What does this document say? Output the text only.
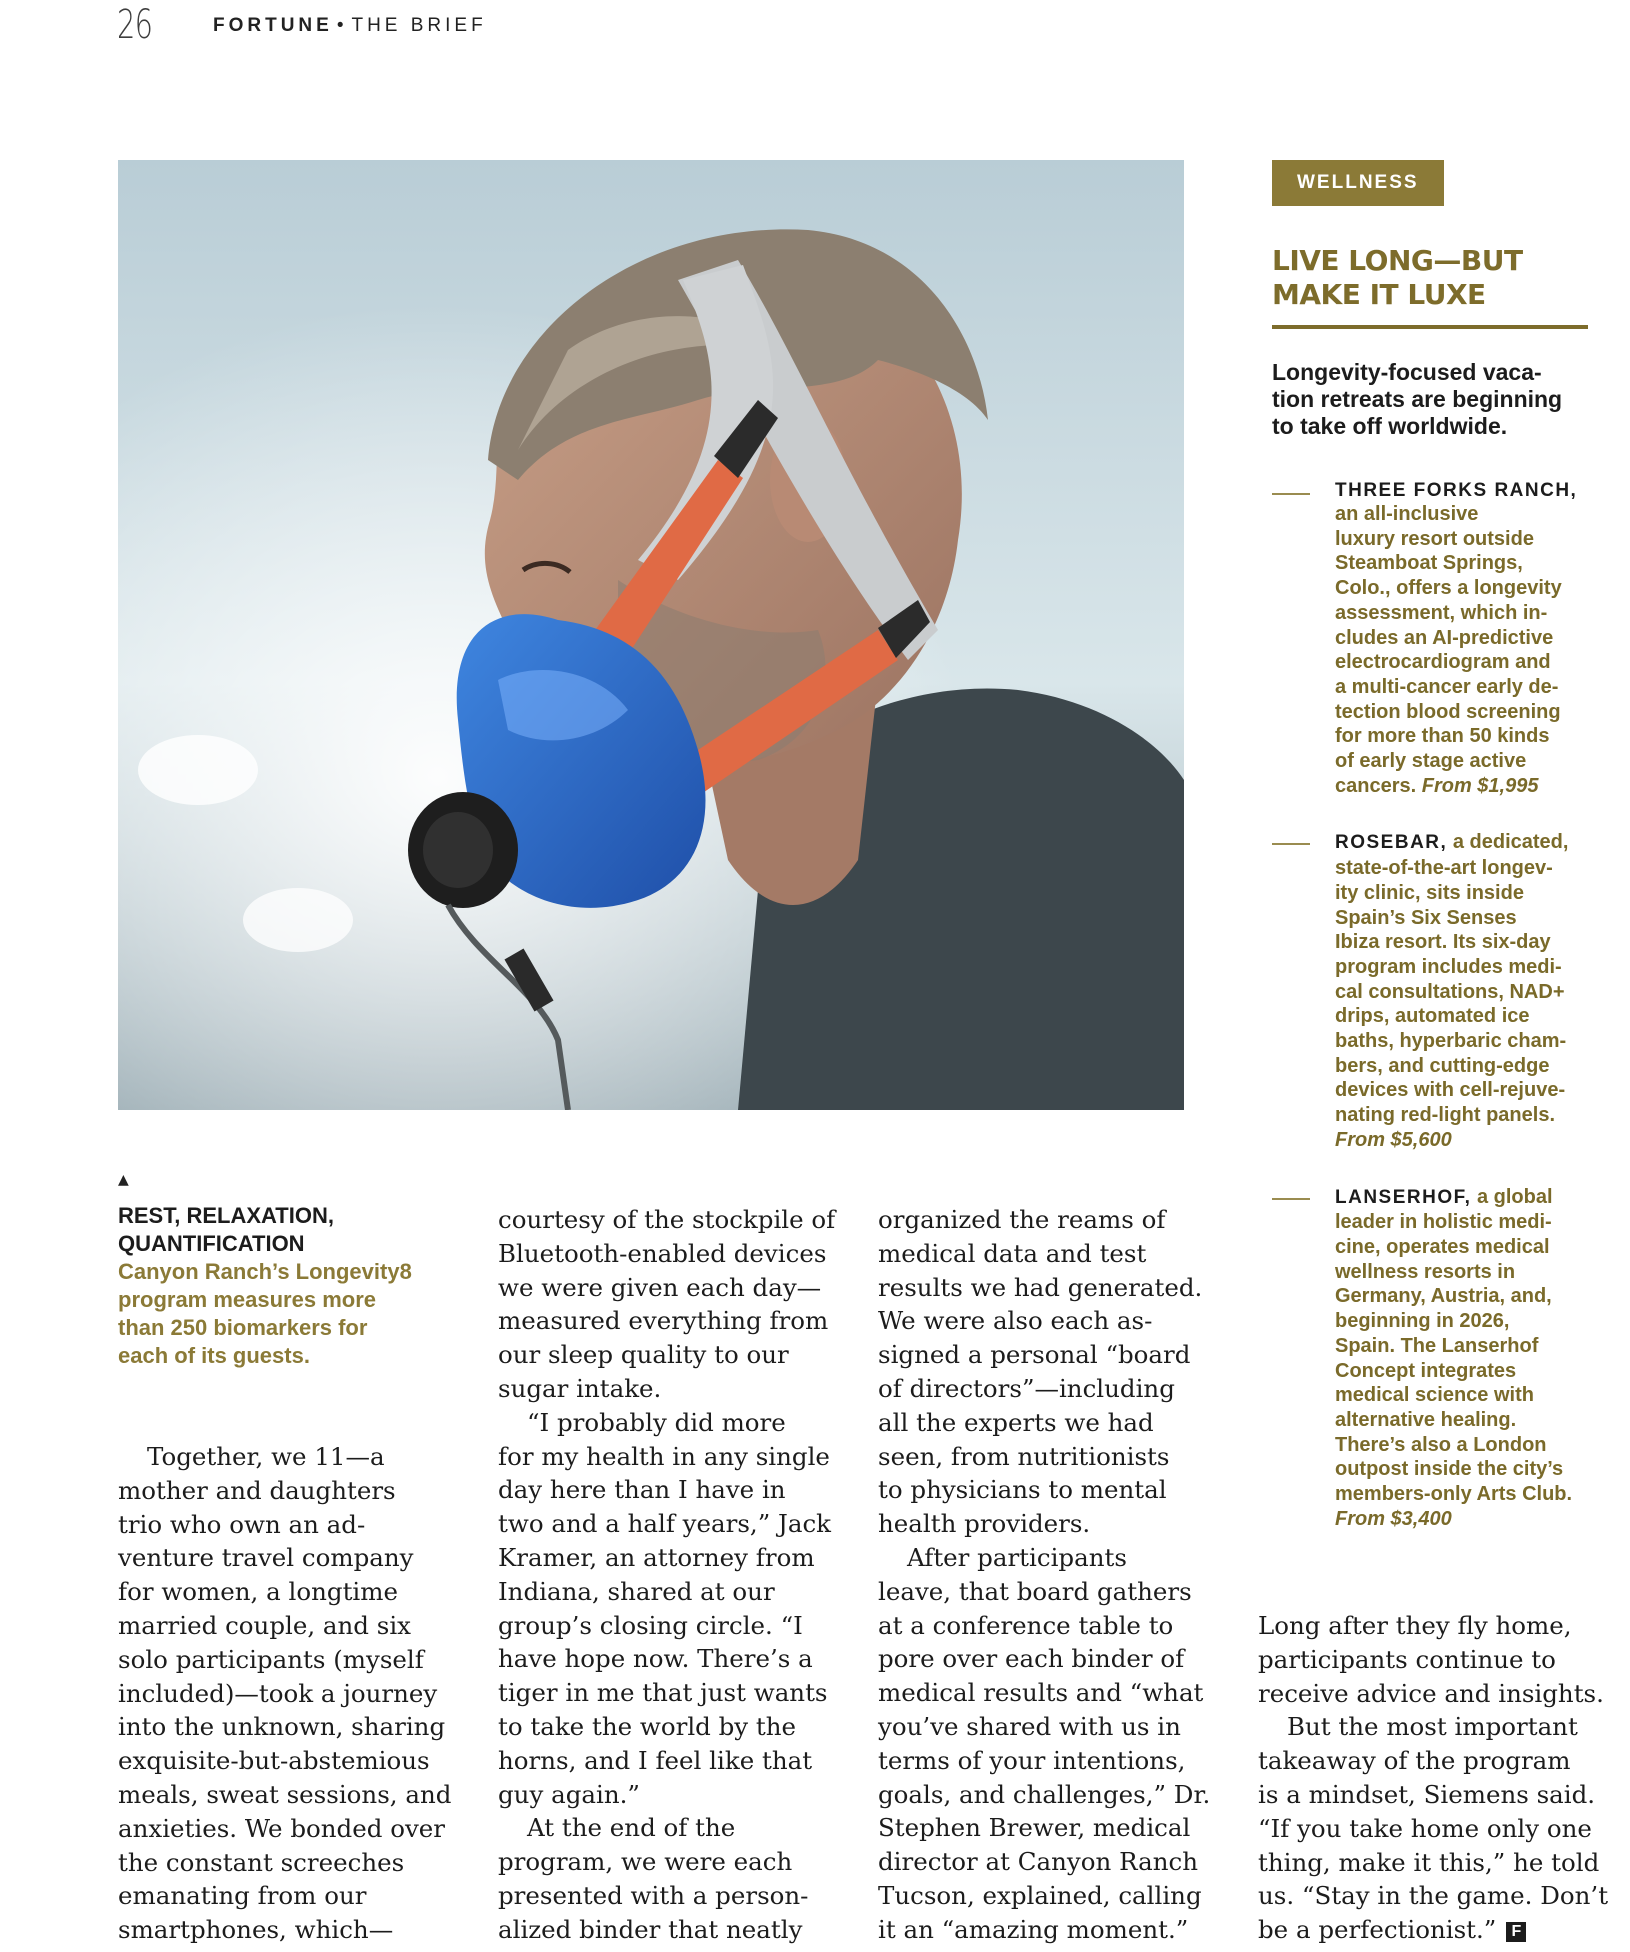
26	FORTUNE • THE BRIEF
WELLNESS
LIVE LONG—BUT
MAKE IT LUXE
Longevity-focused vaca-
tion retreats are beginning
to take off worldwide.

THREE FORKS RANCH,

an all-inclusive
luxury resort outside
Steamboat Springs,
Colo., offers a longevity
assessment, which in-
cludes an AI-predictive
electrocardiogram and
a multi-cancer early de-
tection blood screening
for more than 50 kinds
of early stage active
cancers. From $1,995
ROSEBAR, a dedicated,
state-of-the-art longev-
ity clinic, sits inside
Spain’s Six Senses
Ibiza resort. Its six-day
program includes medi-
cal consultations, NAD+
drips, automated ice
baths, hyperbaric cham-
bers, and cutting-edge
devices with cell-rejuve-
nating red-light panels.
From $5,600
LANSERHOF, a global
leader in holistic medi-
cine, operates medical
wellness resorts in
Germany, Austria, and,
beginning in 2026,
Spain. The Lanserhof
Concept integrates
medical science with
alternative healing.
There’s also a London
outpost inside the city’s
members-only Arts Club.
From $3,400
▲
REST, RELAXATION,
QUANTIFICATION
Canyon Ranch’s Longevity8
program measures more
than 250 biomarkers for
each of its guests.
Together, we 11—a
mother and daughters
trio who own an ad-
venture travel company
for women, a longtime
married couple, and six
solo participants (myself
included)—took a journey
into the unknown, sharing
exquisite-but-abstemious
meals, sweat sessions, and
anxieties. We bonded over
the constant screeches
emanating from our
smartphones, which—
courtesy of the stockpile of
Bluetooth-enabled devices
we were given each day—
measured everything from
our sleep quality to our
sugar intake.
“I probably did more
for my health in any single
day here than I have in
two and a half years,” Jack
Kramer, an attorney from
Indiana, shared at our
group’s closing circle. “I
have hope now. There’s a
tiger in me that just wants
to take the world by the
horns, and I feel like that
guy again.”
At the end of the
program, we were each
presented with a person-
alized binder that neatly
organized the reams of
medical data and test
results we had generated.
We were also each as-
signed a personal “board
of directors”—including
all the experts we had
seen, from nutritionists
to physicians to mental
health providers.
After participants
leave, that board gathers
at a conference table to
pore over each binder of
medical results and “what
you’ve shared with us in
terms of your intentions,
goals, and challenges,” Dr.
Stephen Brewer, medical
director at Canyon Ranch
Tucson, explained, calling
it an “amazing moment.”
Long after they fly home,
participants continue to
receive advice and insights.
But the most important
takeaway of the program
is a mindset, Siemens said.
“If you take home only one
thing, make it this,” he told
us. “Stay in the game. Don’t
be a perfectionist.” F
